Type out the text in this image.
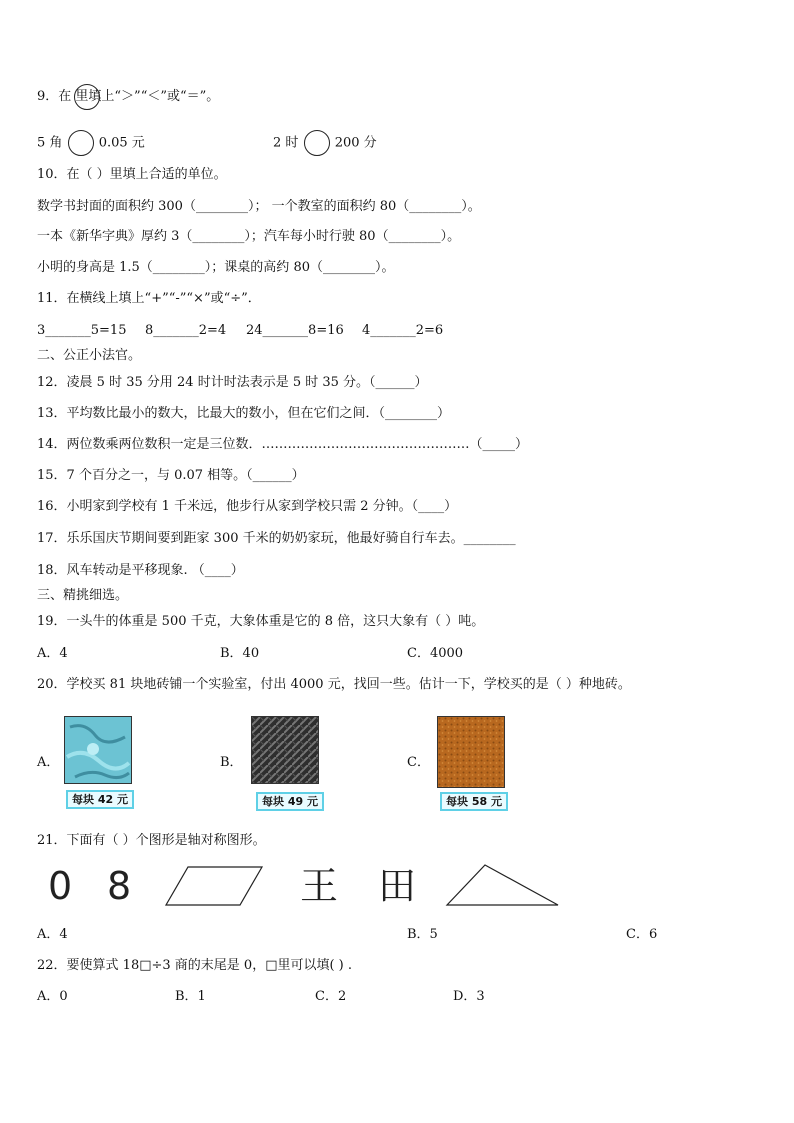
9．在 里填上“＞”“＜”或“＝”。
5 角	0.05 元	2 时	200 分
10．在（ ）里填上合适的单位。
数学书封面的面积约 300（________）； 一个教室的面积约 80（________）。
一本《新华字典》厚约 3（________）；汽车每小时行驶 80（________）。
小明的身高是 1.5（________）；课桌的高约 80（________）。
11．在横线上填上“+”“-”“×”或“÷”．
3_______5=15 8_______2=4 24_______8=16 4_______2=6
二、公正小法官。
12．凌晨 5 时 35 分用 24 时计时法表示是 5 时 35 分。（______）
13．平均数比最小的数大，比最大的数小，但在它们之间．（________）
14．两位数乘两位数积一定是三位数．…………………………………………（_____）
15．7 个百分之一，与 0.07 相等。（______）
16．小明家到学校有 1 千米远，他步行从家到学校只需 2 分钟。（____）
17．乐乐国庆节期间要到距家 300 千米的奶奶家玩，他最好骑自行车去。________
18．风车转动是平移现象. （____）
三、精挑细选。
19．一头牛的体重是 500 千克，大象体重是它的 8 倍，这只大象有（ ）吨。
A．4	B．40	C．4000
20．学校买 81 块地砖铺一个实验室，付出 4000 元，找回一些。估计一下，学校买的是（ ）种地砖。
A．
每块 42 元
B．
每块 49 元
C．
每块 58 元
21．下面有（ ）个图形是轴对称图形。
0 8	王 田
A．4	B．5	C．6
22．要使算式 18□÷3 商的末尾是 0，□里可以填( ) .
A．0	B．1	C．2	D．3
